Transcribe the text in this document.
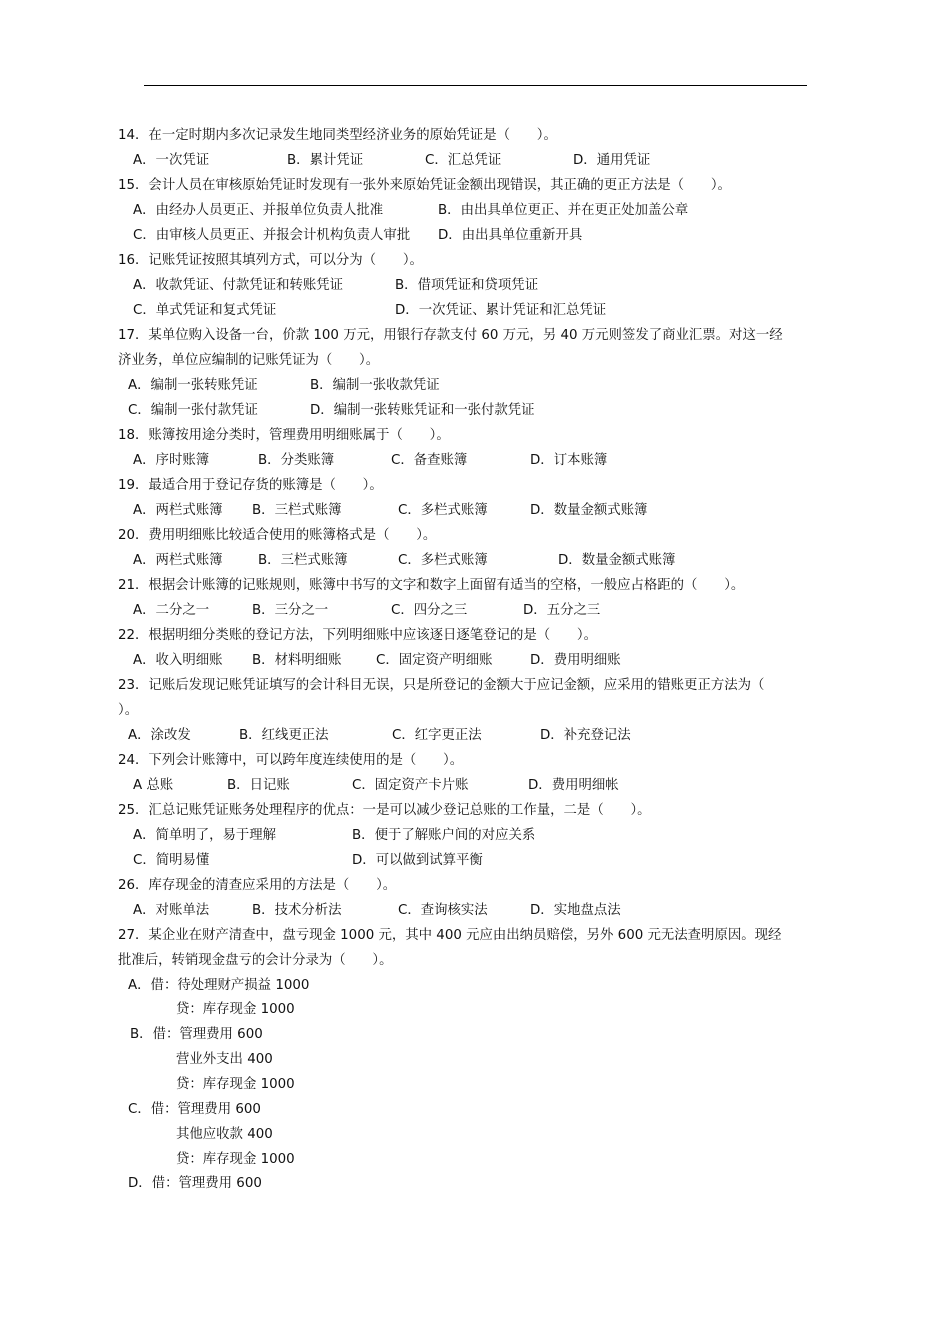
14．在一定时期内多次记录发生地同类型经济业务的原始凭证是（　　）。
A．一次凭证	B．累计凭证	C．汇总凭证	D．通用凭证
15．会计人员在审核原始凭证时发现有一张外来原始凭证金额出现错误，其正确的更正方法是（　　）。
A．由经办人员更正、并报单位负责人批准	B．由出具单位更正、并在更正处加盖公章
C．由审核人员更正、并报会计机构负责人审批 D．由出具单位重新开具
16．记账凭证按照其填列方式，可以分为（　　）。
A．收款凭证、付款凭证和转账凭证	B．借项凭证和贷项凭证
C．单式凭证和复式凭证	D．一次凭证、累计凭证和汇总凭证
17．某单位购入设备一台，价款 100 万元，用银行存款支付 60 万元，另 40 万元则签发了商业汇票。对这一经
济业务，单位应编制的记账凭证为（　　）。
A．编制一张转账凭证	B．编制一张收款凭证
C．编制一张付款凭证	D．编制一张转账凭证和一张付款凭证
18．账簿按用途分类时，管理费用明细账属于（　　）。
A．序时账簿	B．分类账簿	C．备查账簿	D．订本账簿
19．最适合用于登记存货的账簿是（　　）。
A．两栏式账簿 B．三栏式账簿	C．多栏式账簿	D．数量金额式账簿
20．费用明细账比较适合使用的账簿格式是（　　）。
A．两栏式账簿	B．三栏式账簿	C．多栏式账簿	D．数量金额式账簿
21．根据会计账簿的记账规则，账簿中书写的文字和数字上面留有适当的空格，一般应占格距的（　　）。
A．二分之一	B．三分之一	C．四分之三	D．五分之三
22．根据明细分类账的登记方法，下列明细账中应该逐日逐笔登记的是（　　）。
A．收入明细账 B．材料明细账	C．固定资产明细账	D．费用明细账
23．记账后发现记账凭证填写的会计科目无误，只是所登记的金额大于应记金额，应采用的错账更正方法为（
）。
A．涂改发	B．红线更正法	C．红字更正法	D．补充登记法
24．下列会计账簿中，可以跨年度连续使用的是（　　）。
A 总账	B．日记账	C．固定资产卡片账	D．费用明细帐
25．汇总记账凭证账务处理程序的优点：一是可以减少登记总账的工作量，二是（　　）。
A．简单明了，易于理解	B．便于了解账户间的对应关系
C．简明易懂	D．可以做到试算平衡
26．库存现金的清查应采用的方法是（　　）。
A．对账单法	B．技术分析法	C．查询核实法	D．实地盘点法
27．某企业在财产清查中，盘亏现金 1000 元，其中 400 元应由出纳员赔偿，另外 600 元无法查明原因。现经
批准后，转销现金盘亏的会计分录为（　　）。
A．借：待处理财产损益 1000
贷：库存现金 1000
B．借：管理费用 600
营业外支出 400
贷：库存现金 1000
C．借：管理费用 600
其他应收款 400
贷：库存现金 1000
D．借：管理费用 600
